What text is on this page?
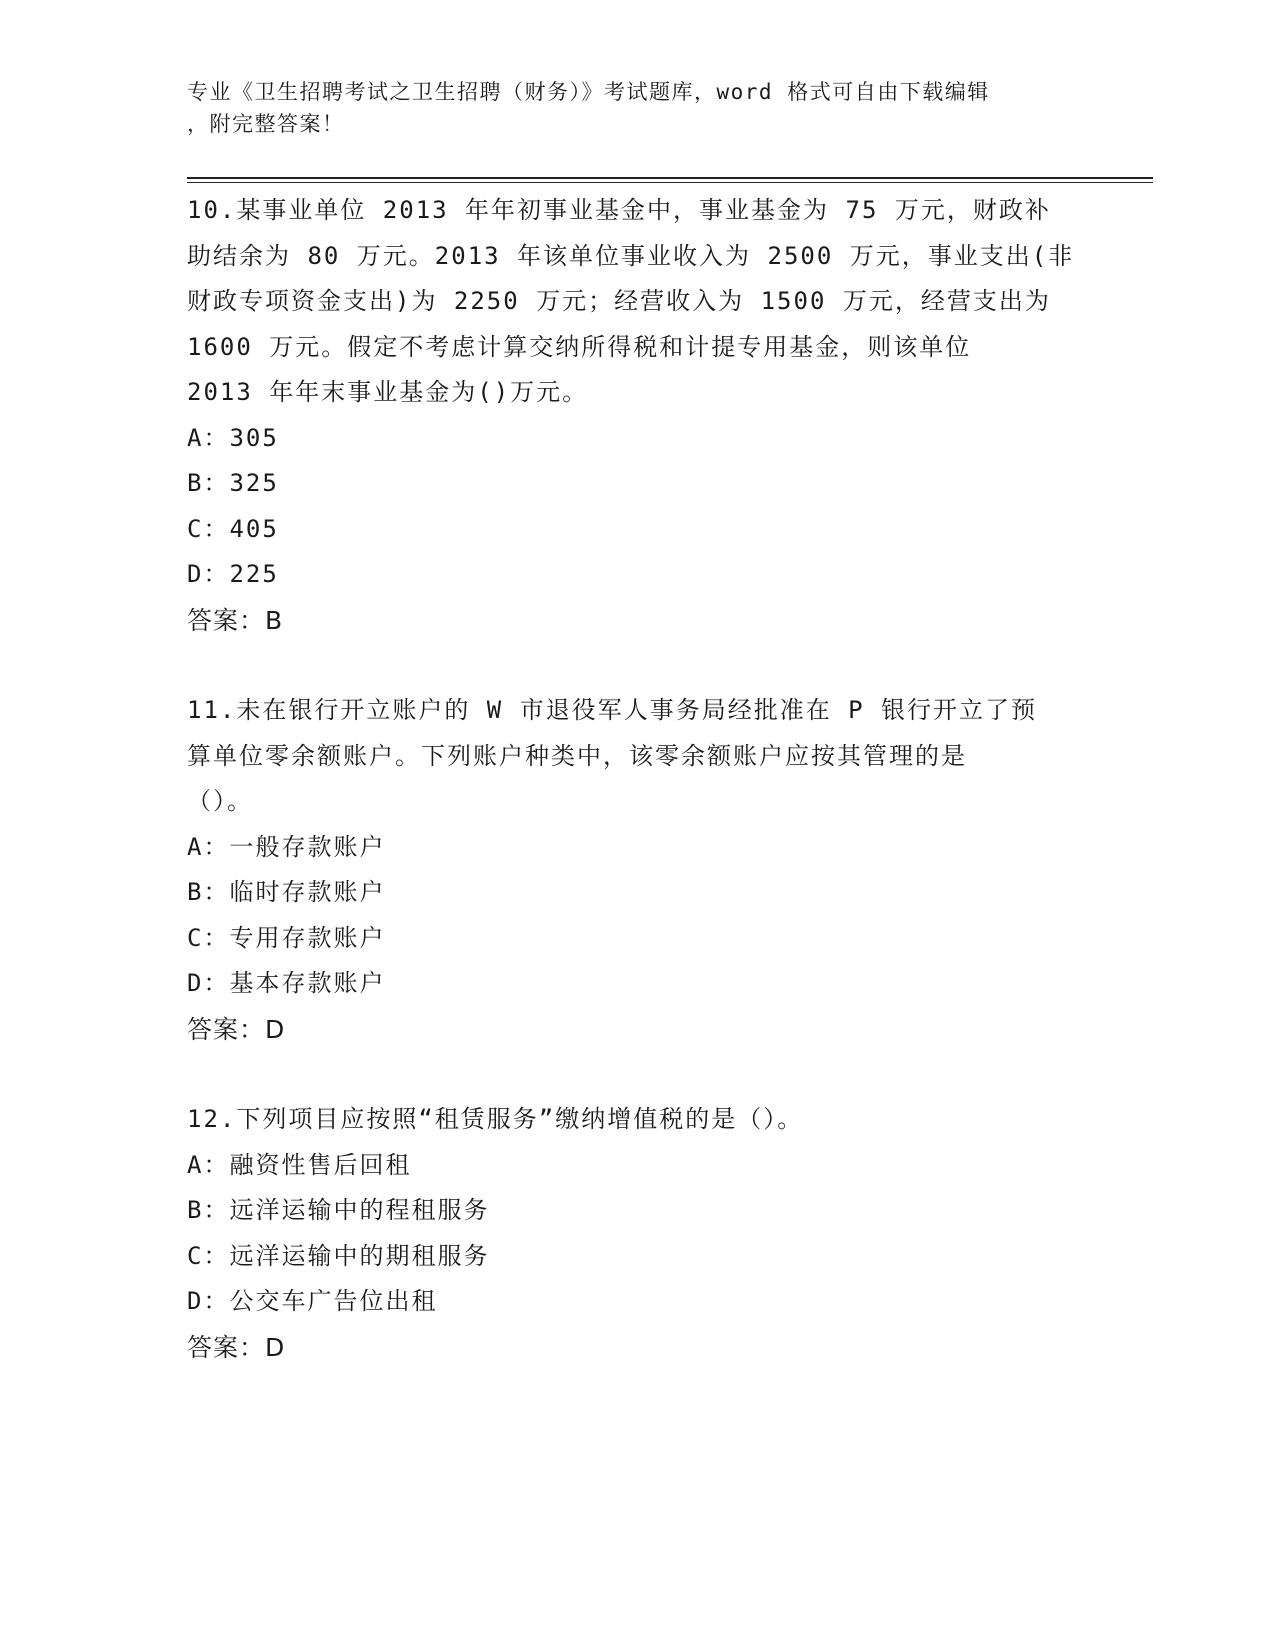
专业《卫生招聘考试之卫生招聘（财务）》考试题库，word 格式可自由下载编辑
，附完整答案！
10.某事业单位 2013 年年初事业基金中，事业基金为 75 万元，财政补
助结余为 80 万元。2013 年该单位事业收入为 2500 万元，事业支出(非
财政专项资金支出)为 2250 万元；经营收入为 1500 万元，经营支出为
1600 万元。假定不考虑计算交纳所得税和计提专用基金，则该单位
2013 年年末事业基金为()万元。
A：305
B：325
C：405
D：225
答案：B
11.未在银行开立账户的 W 市退役军人事务局经批准在 P 银行开立了预
算单位零余额账户。下列账户种类中，该零余额账户应按其管理的是
（）。
A：一般存款账户
B：临时存款账户
C：专用存款账户
D：基本存款账户
答案：D
12.下列项目应按照“租赁服务”缴纳增值税的是（）。
A：融资性售后回租
B：远洋运输中的程租服务
C：远洋运输中的期租服务
D：公交车广告位出租
答案：D
